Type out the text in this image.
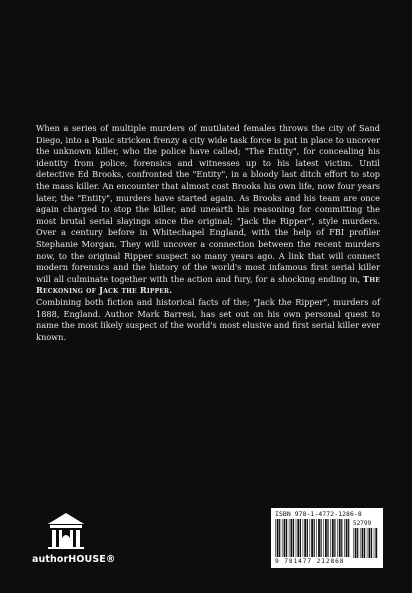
When a series of multiple murders of mutilated females throws the city of Sand Diego, into a Panic stricken frenzy a city wide task force is put in place to uncover the unknown killer, who the police have called; "The Entity", for concealing his identity from police, forensics and witnesses up to his latest victim. Until detective Ed Brooks, confronted the "Entity", in a bloody last ditch effort to stop the mass killer. An encounter that almost cost Brooks his own life, now four years later, the "Entity", murders have started again. As Brooks and his team are once again charged to stop the killer, and unearth his reasoning for committing the most brutal serial slayings since the original; "Jack the Ripper", style murders. Over a century before in Whitechapel England, with the help of FBI profiler Stephanie Morgan. They will uncover a connection between the recent murders now, to the original Ripper suspect so many years ago. A link that will connect modern forensics and the history of the world's most infamous first serial killer will all culminate together with the action and fury, for a shocking ending in, The Reckoning of Jack the Ripper.

Combining both fiction and historical facts of the; "Jack the Ripper", murders of 1888, England. Author Mark Barresi, has set out on his own personal quest to name the most likely suspect of the world's most elusive and first serial killer ever known.

authorHOUSE®
ISBN 978-1-4772-1286-8
52799
9 781477 212868
